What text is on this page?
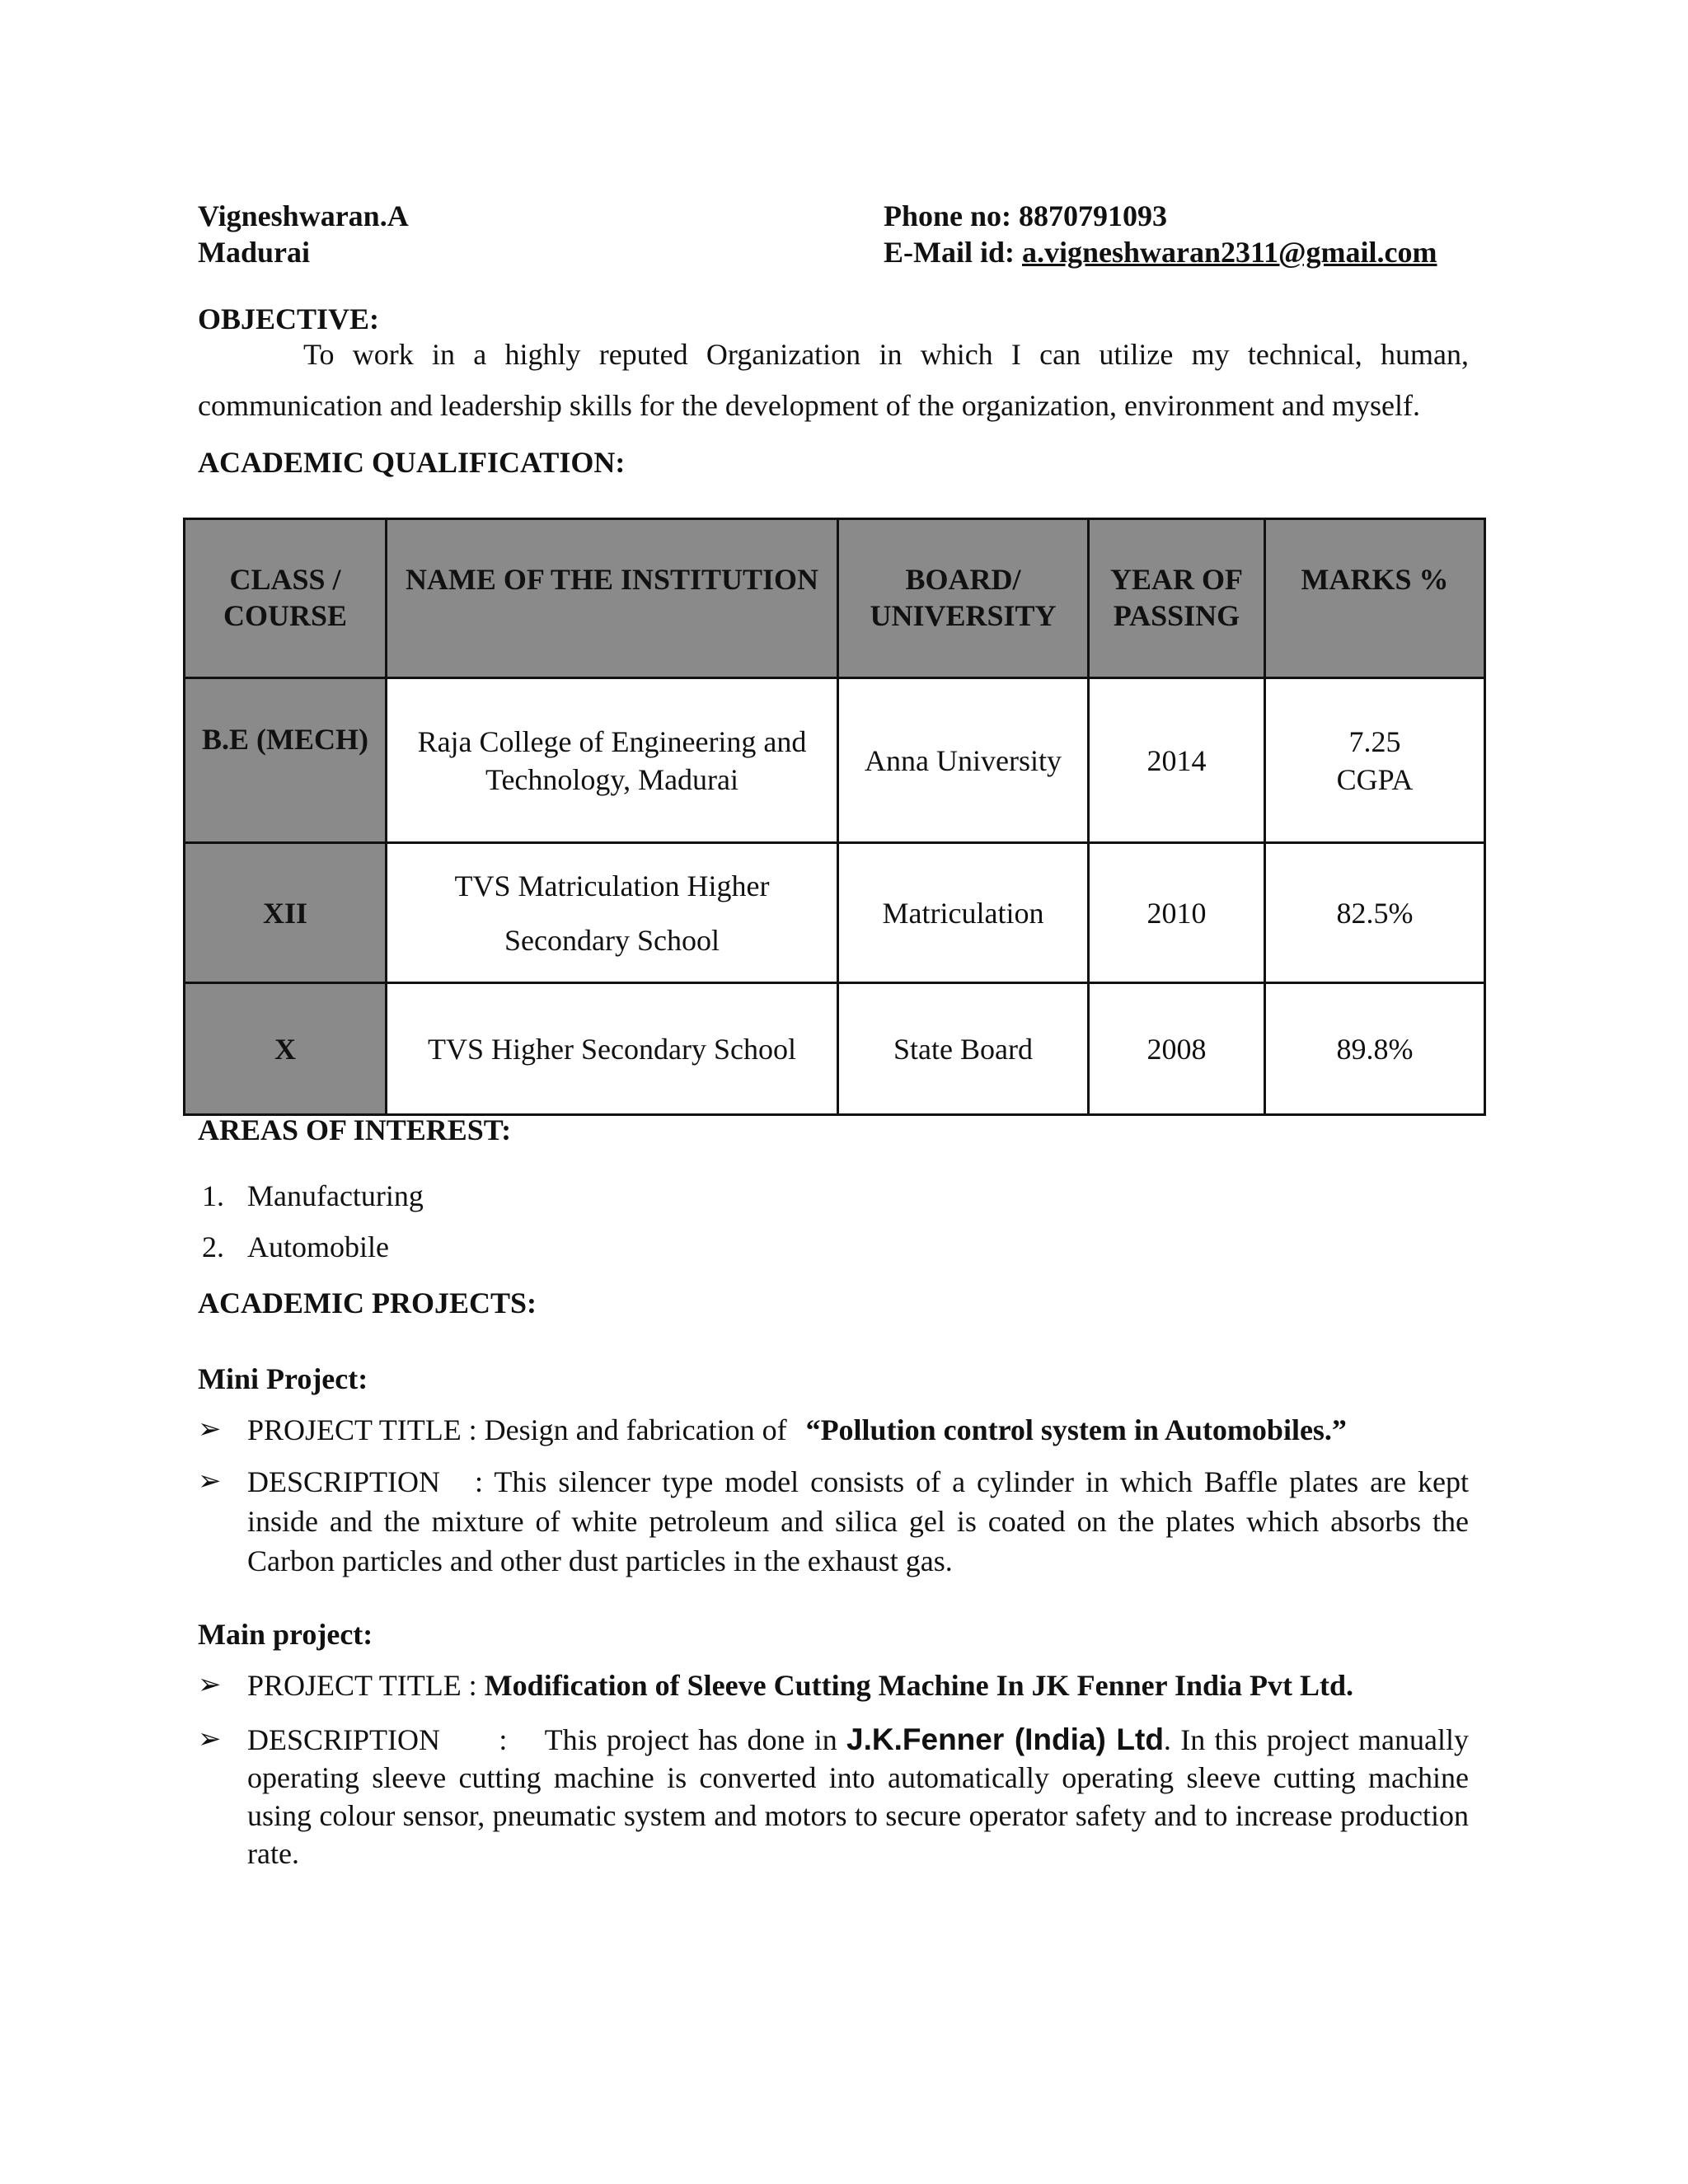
Vigneshwaran.A
Madurai
Phone no: 8870791093
E-Mail id: a.vigneshwaran2311@gmail.com
OBJECTIVE:
To work in a highly reputed Organization in which I can utilize my technical, human,
communication and leadership skills for the development of the organization, environment and myself.
ACADEMIC QUALIFICATION:
CLASS / COURSE	NAME OF THE INSTITUTION	BOARD/ UNIVERSITY	YEAR OF PASSING	MARKS %
B.E (MECH)	Raja College of Engineering and Technology, Madurai	Anna University	2014	7.25 CGPA
XII	TVS Matriculation Higher Secondary School	Matriculation	2010	82.5%
X	TVS Higher Secondary School	State Board	2008	89.8%
AREAS OF INTEREST:
1. Manufacturing
2. Automobile
ACADEMIC PROJECTS:
Mini Project:
➢ PROJECT TITLE : Design and fabrication of “Pollution control system in Automobiles.”
➢ DESCRIPTION : This silencer type model consists of a cylinder in which Baffle plates are kept inside and the mixture of white petroleum and silica gel is coated on the plates which absorbs the Carbon particles and other dust particles in the exhaust gas.
Main project:
➢ PROJECT TITLE : Modification of Sleeve Cutting Machine In JK Fenner India Pvt Ltd.
➢ DESCRIPTION : This project has done in J.K.Fenner (India) Ltd. In this project manually operating sleeve cutting machine is converted into automatically operating sleeve cutting machine using colour sensor, pneumatic system and motors to secure operator safety and to increase production rate.
